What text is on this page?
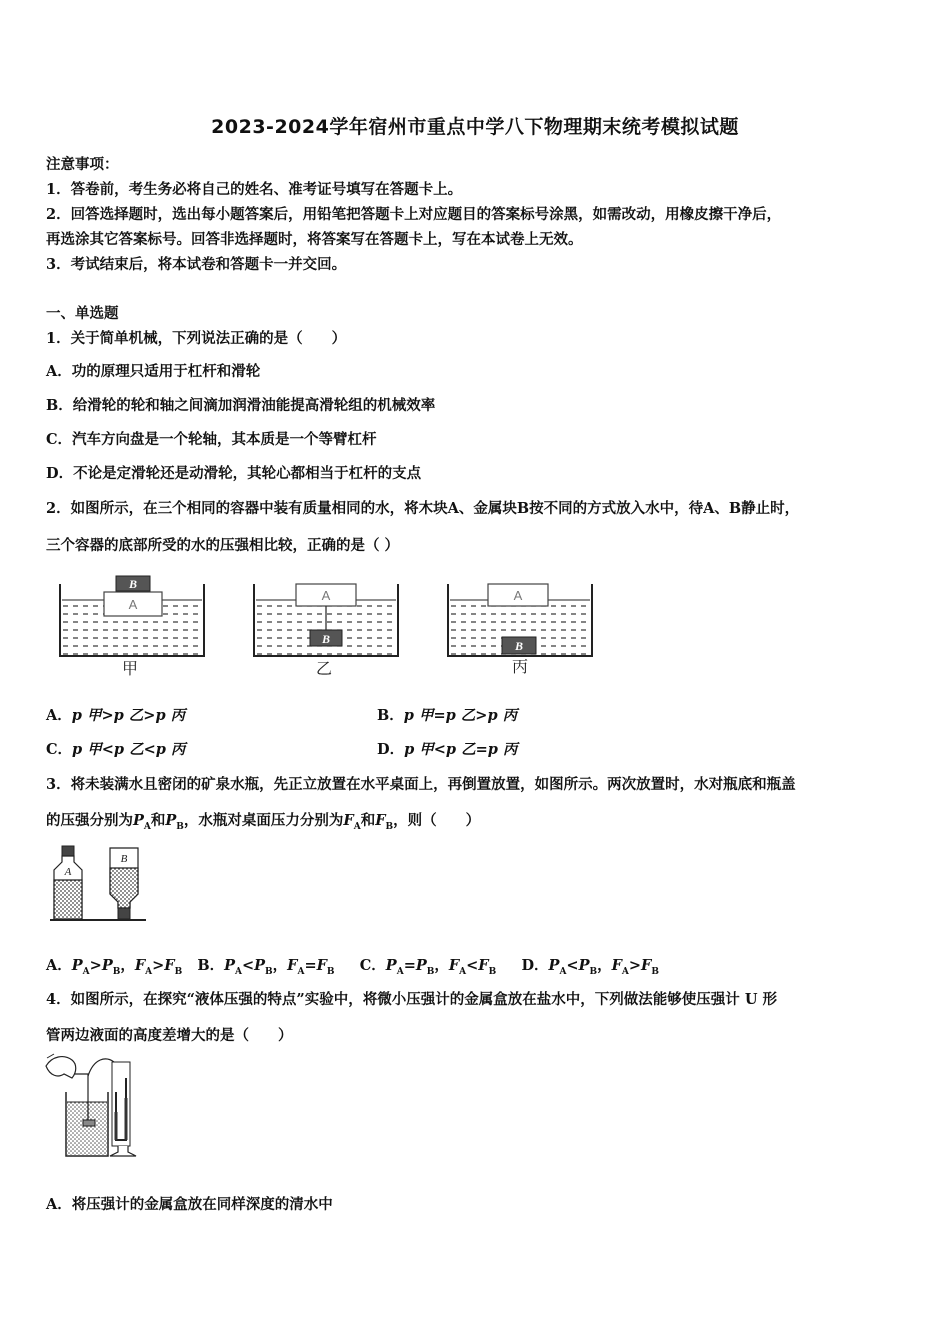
2023-2024学年宿州市重点中学八下物理期末统考模拟试题
注意事项：
1．答卷前，考生务必将自己的姓名、准考证号填写在答题卡上。
2．回答选择题时，选出每小题答案后，用铅笔把答题卡上对应题目的答案标号涂黑，如需改动，用橡皮擦干净后，
再选涂其它答案标号。回答非选择题时，将答案写在答题卡上，写在本试卷上无效。
3．考试结束后，将本试卷和答题卡一并交回。
一、单选题
1．关于简单机械，下列说法正确的是（　　）
A．功的原理只适用于杠杆和滑轮
B．给滑轮的轮和轴之间滴加润滑油能提高滑轮组的机械效率
C．汽车方向盘是一个轮轴，其本质是一个等臂杠杆
D．不论是定滑轮还是动滑轮，其轮心都相当于杠杆的支点
2．如图所示，在三个相同的容器中装有质量相同的水，将木块A、金属块B按不同的方式放入水中，待A、B静止时，
三个容器的底部所受的水的压强相比较，正确的是（ ）
A
B
甲
A
B
乙
A
B
丙
A．p 甲>p 乙>p 丙	B．p 甲=p 乙>p 丙
C．p 甲<p 乙<p 丙	D．p 甲<p 乙=p 丙
3．将未装满水且密闭的矿泉水瓶，先正立放置在水平桌面上，再倒置放置，如图所示。两次放置时，水对瓶底和瓶盖
的压强分别为$P_A$和$P_B$，水瓶对桌面压力分别为$F_A$和$F_B$，则（　　）
A
B
A．$P_A>P_B$，$F_A>F_B$ B．$P_A<P_B$，$F_A=F_B$ C．$P_A=P_B$，$F_A<F_B$ D．$P_A<P_B$，$F_A>F_B$
4．如图所示，在探究“液体压强的特点”实验中，将微小压强计的金属盒放在盐水中，下列做法能够使压强计 U 形
管两边液面的高度差增大的是（　　）
A．将压强计的金属盒放在同样深度的清水中
